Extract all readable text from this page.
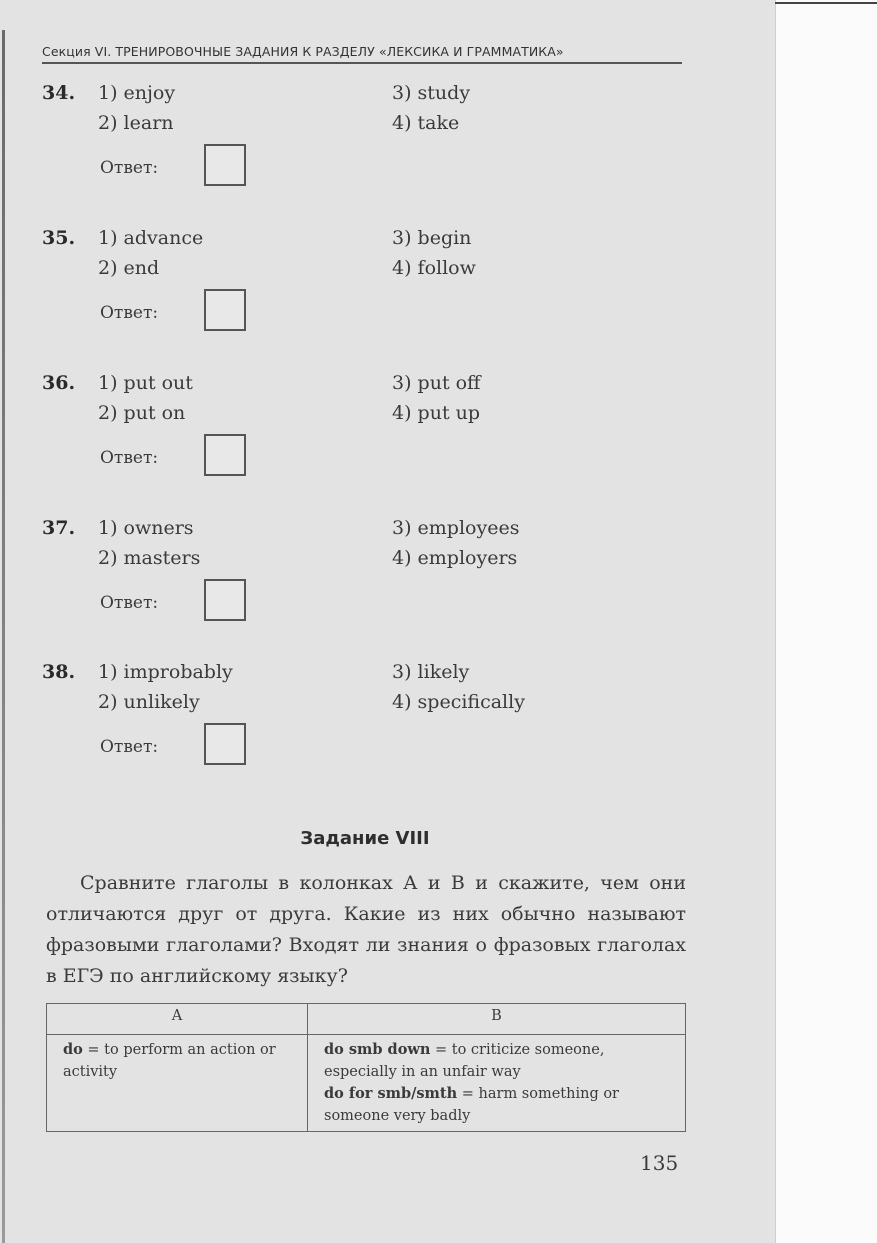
Секция VI. ТРЕНИРОВОЧНЫЕ ЗАДАНИЯ К РАЗДЕЛУ «ЛЕКСИКА И ГРАММАТИКА»
34. 1) enjoy
2) learn
3) study
4) take
Ответ:
35. 1) advance
2) end
3) begin
4) follow
Ответ:
36. 1) put out
2) put on
3) put off
4) put up
Ответ:
37. 1) owners
2) masters
3) employees
4) employers
Ответ:
38. 1) improbably
2) unlikely
3) likely
4) specifically
Ответ:
Задание VIII
Сравните глаголы в колонках А и В и скажите, чем они отличаются друг от друга. Какие из них обычно называют фразовыми глаголами? Входят ли знания о фразовых глаголах в ЕГЭ по английскому языку?
A	B
do = to perform an action or activity	do smb down = to criticize someone, especially in an unfair way
do for smb/smth = harm something or someone very badly
135
